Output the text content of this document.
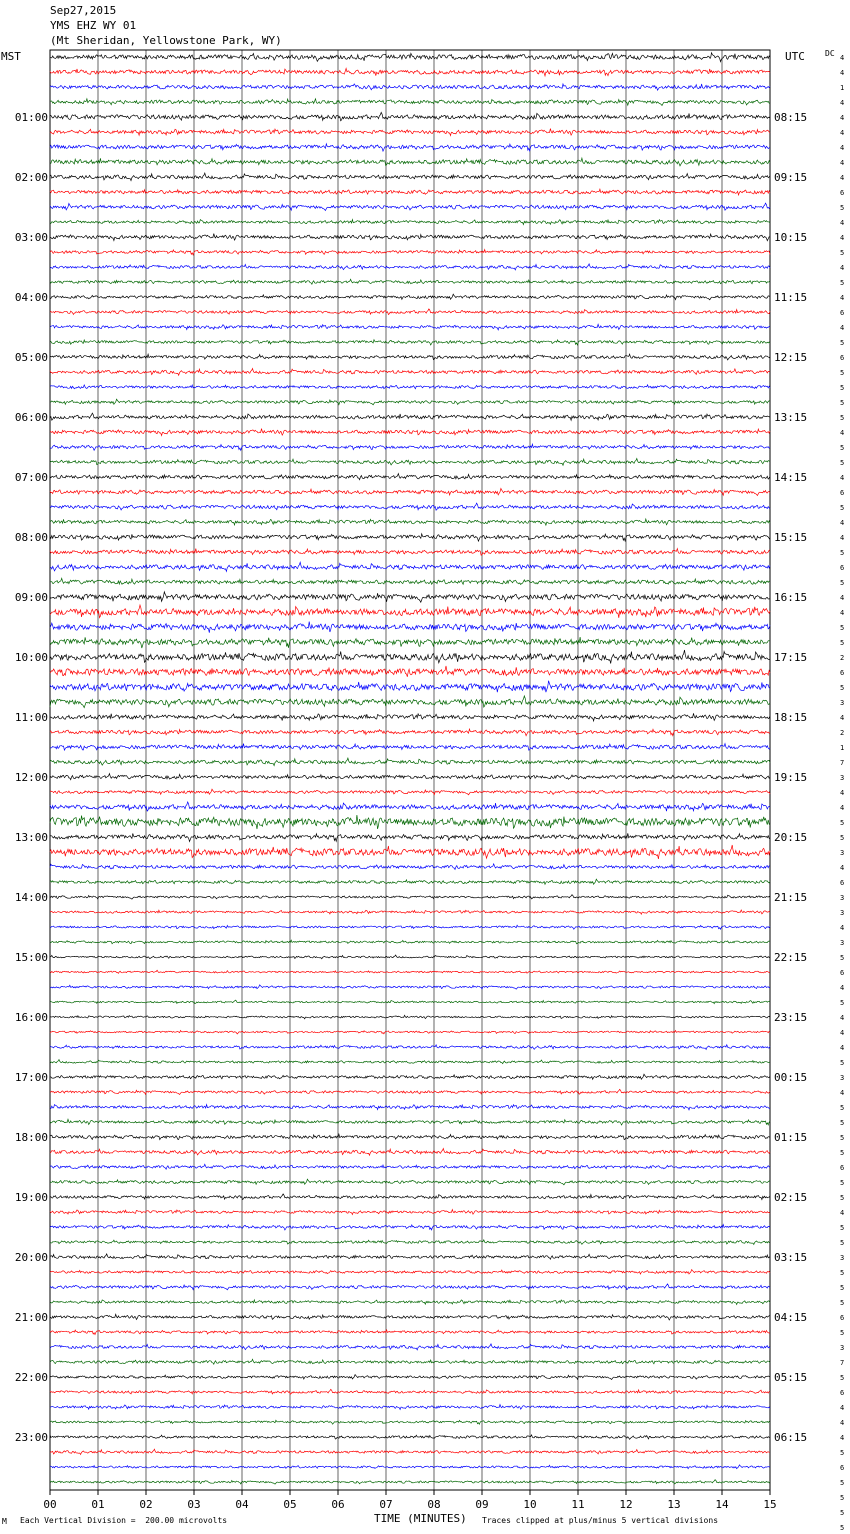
01:00
02:00
03:00
04:00
05:00
06:00
07:00
08:00
09:00
10:00
11:00
12:00
13:00
14:00
15:00
16:00
17:00
18:00
19:00
20:00
21:00
22:00
23:00
08:15
09:15
10:15
11:15
12:15
13:15
14:15
15:15
16:15
17:15
18:15
19:15
20:15
21:15
22:15
23:15
00:15
01:15
02:15
03:15
04:15
05:15
06:15
4
4
1
4
4
4
4
4
4
6
5
4
4
5
4
5
4
6
4
5
6
5
5
5
5
4
5
5
4
6
5
4
4
5
6
5
4
4
5
5
2
6
5
3
4
2
1
7
3
4
4
5
5
3
4
6
3
3
4
3
5
6
4
5
4
4
4
5
3
4
5
5
5
5
6
5
5
4
5
5
3
5
5
5
6
5
3
7
5
6
4
4
4
5
6
5
5
5
5
00	01	02	03	04	05	06	07	08	09	10	11	12	13	14	15
Sep27,2015
YMS EHZ WY 01
(Mt Sheridan, Yellowstone Park, WY)
MST	UTC	DC
M Each Vertical Division =  200.00 microvolts	TIME (MINUTES) Traces clipped at plus/minus 5 vertical divisions
